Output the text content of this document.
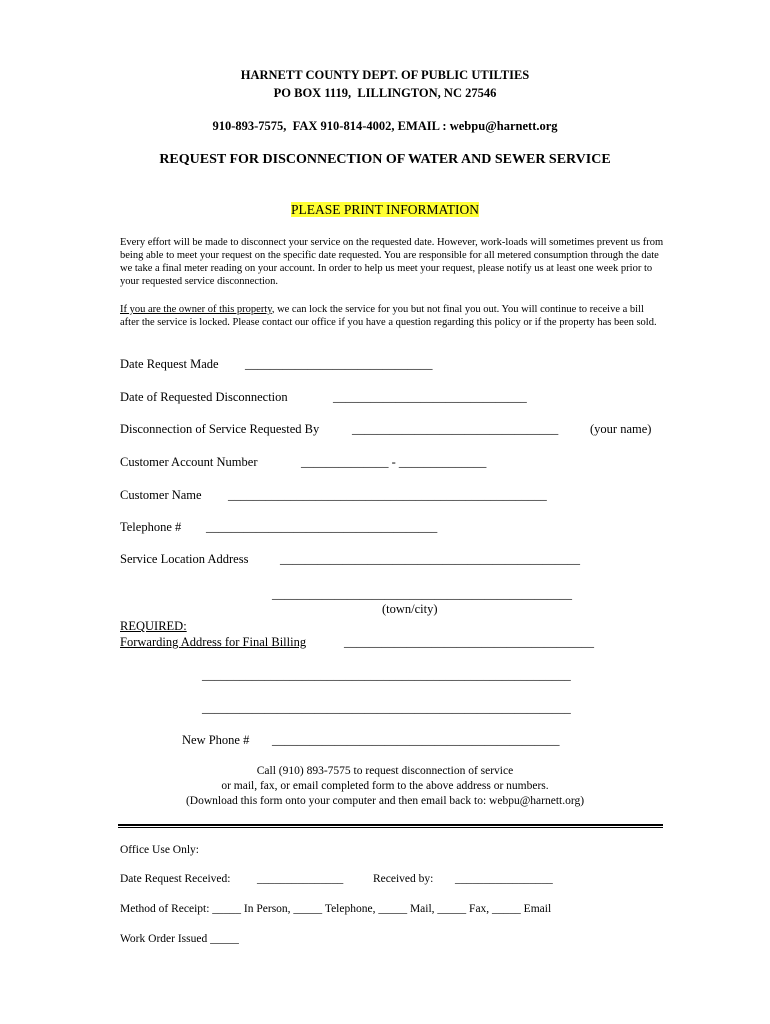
HARNETT COUNTY DEPT. OF PUBLIC UTILTIES
PO BOX 1119,  LILLINGTON, NC 27546
910-893-7575,  FAX 910-814-4002, EMAIL : webpu@harnett.org
REQUEST FOR DISCONNECTION OF WATER AND SEWER SERVICE
PLEASE PRINT INFORMATION
Every effort will be made to disconnect your service on the requested date. However, work-loads will sometimes prevent us from being able to meet your request on the specific date requested. You are responsible for all metered consumption through the date we take a final meter reading on your account. In order to help us meet your request, please notify us at least one week prior to your requested service disconnection.
If you are the owner of this property, we can lock the service for you but not final you out. You will continue to receive a bill after the service is locked. Please contact our office if you have a question regarding this policy or if the property has been sold.
Date Request Made ______________________________
Date of Requested Disconnection	_______________________________
Disconnection of Service Requested By	_________________________________	(your name)
Customer Account Number	______________ - ______________
Customer Name ___________________________________________________
Telephone # _____________________________________
Service Location Address	________________________________________________
________________________________________________
(town/city)
REQUIRED:
Forwarding Address for Final Billing	________________________________________
___________________________________________________________
___________________________________________________________
New Phone # ______________________________________________
Call (910) 893-7575 to request disconnection of service
or mail, fax, or email completed form to the above address or numbers.
(Download this form onto your computer and then email back to: webpu@harnett.org)
Office Use Only:
Date Request Received: _______________	Received by: _________________
Method of Receipt: _____ In Person, _____ Telephone, _____ Mail, _____ Fax, _____ Email
Work Order Issued _____
